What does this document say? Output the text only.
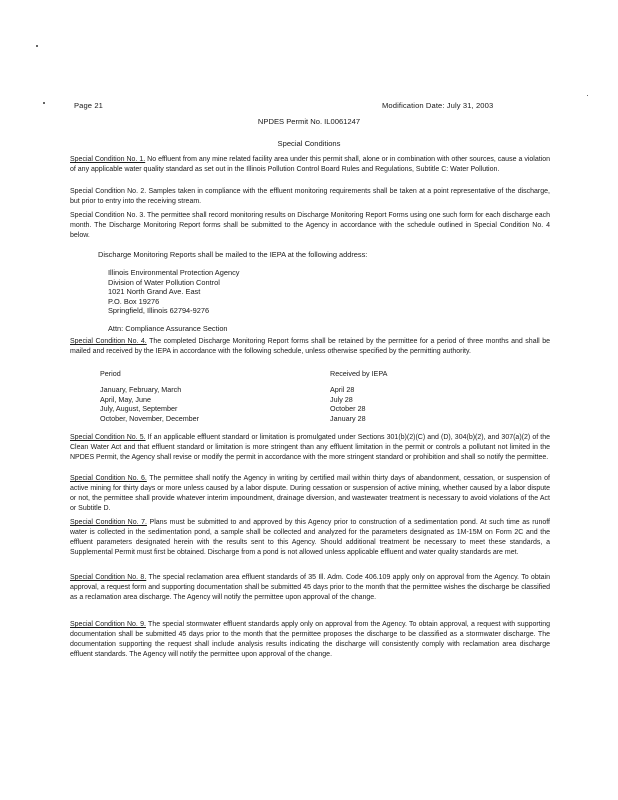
Page 21	Modification Date: July 31, 2003
NPDES Permit No. IL0061247
Special Conditions

Special Condition No. 1. No effluent from any mine related facility area under this permit shall, alone or in combination with other sources, cause a violation of any applicable water quality standard as set out in the Illinois Pollution Control Board Rules and Regulations, Subtitle C: Water Pollution.

Special Condition No. 2. Samples taken in compliance with the effluent monitoring requirements shall be taken at a point representative of the discharge, but prior to entry into the receiving stream.

Special Condition No. 3. The permittee shall record monitoring results on Discharge Monitoring Report Forms using one such form for each discharge each month. The Discharge Monitoring Report forms shall be submitted to the Agency in accordance with the schedule outlined in Special Condition No. 4 below.

Discharge Monitoring Reports shall be mailed to the IEPA at the following address:
Illinois Environmental Protection Agency
Division of Water Pollution Control
1021 North Grand Ave. East
P.O. Box 19276
Springfield, Illinois 62794-9276
Attn: Compliance Assurance Section

Special Condition No. 4. The completed Discharge Monitoring Report forms shall be retained by the permittee for a period of three months and shall be mailed and received by the IEPA in accordance with the following schedule, unless otherwise specified by the permitting authority.

Period	Received by IEPA
January, February, March	April 28
April, May, June	July 28
July, August, September	October 28
October, November, December	January 28

Special Condition No. 5. If an applicable effluent standard or limitation is promulgated under Sections 301(b)(2)(C) and (D), 304(b)(2), and 307(a)(2) of the Clean Water Act and that effluent standard or limitation is more stringent than any effluent limitation in the permit or controls a pollutant not limited in the NPDES Permit, the Agency shall revise or modify the permit in accordance with the more stringent standard or prohibition and shall so notify the permittee.

Special Condition No. 6. The permittee shall notify the Agency in writing by certified mail within thirty days of abandonment, cessation, or suspension of active mining for thirty days or more unless caused by a labor dispute. During cessation or suspension of active mining, whether caused by a labor dispute or not, the permittee shall provide whatever interim impoundment, drainage diversion, and wastewater treatment is necessary to avoid violations of the Act or Subtitle D.

Special Condition No. 7. Plans must be submitted to and approved by this Agency prior to construction of a sedimentation pond. At such time as runoff water is collected in the sedimentation pond, a sample shall be collected and analyzed for the parameters designated as 1M-15M on Form 2C and the effluent parameters designated herein with the results sent to this Agency. Should additional treatment be necessary to meet these standards, a Supplemental Permit must first be obtained. Discharge from a pond is not allowed unless applicable effluent and water quality standards are met.

Special Condition No. 8. The special reclamation area effluent standards of 35 Ill. Adm. Code 406.109 apply only on approval from the Agency. To obtain approval, a request form and supporting documentation shall be submitted 45 days prior to the month that the permittee wishes the discharge be classified as a reclamation area discharge. The Agency will notify the permittee upon approval of the change.

Special Condition No. 9. The special stormwater effluent standards apply only on approval from the Agency. To obtain approval, a request with supporting documentation shall be submitted 45 days prior to the month that the permittee proposes the discharge to be classified as a stormwater discharge. The documentation supporting the request shall include analysis results indicating the discharge will consistently comply with reclamation area discharge effluent standards. The Agency will notify the permittee upon approval of the change.
